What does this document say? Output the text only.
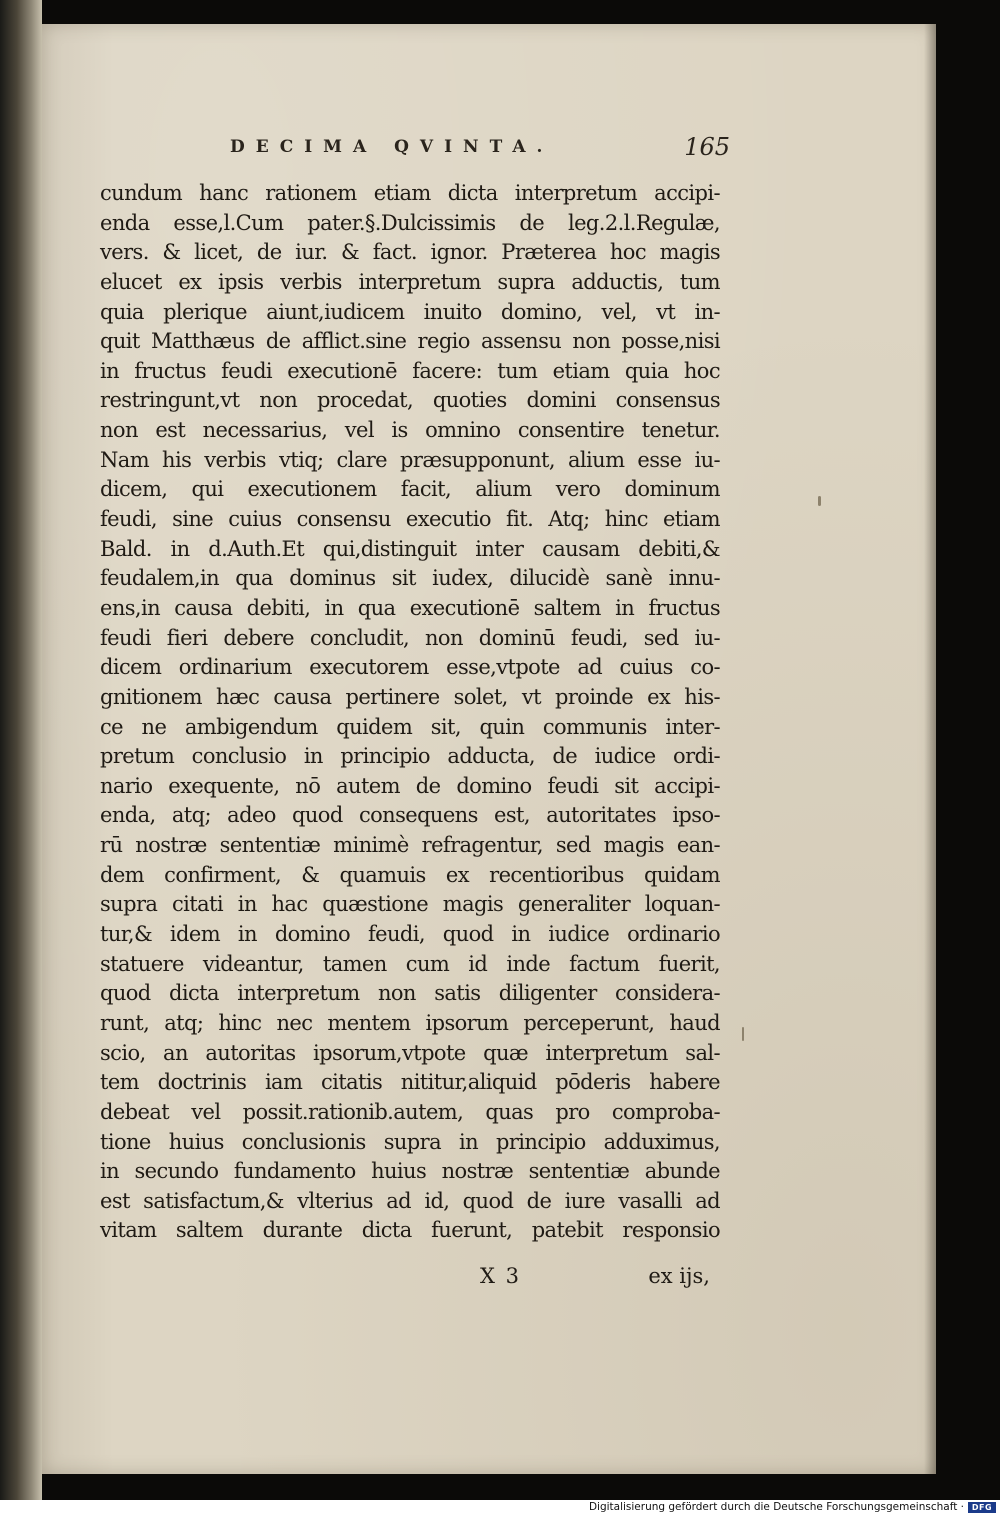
DECIMA QVINTA.	165
cundum hanc rationem etiam dicta interpretum accipi-
enda esse,l.Cum pater.§.Dulcissimis de leg.2.l.Regulæ,
vers. & licet, de iur. & fact. ignor. Præterea hoc magis
elucet ex ipsis verbis interpretum supra adductis, tum
quia plerique aiunt,iudicem inuito domino, vel, vt in-
quit Matthæus de afflict.sine regio assensu non posse,nisi
in fructus feudi executionē facere: tum etiam quia hoc
restringunt,vt non procedat, quoties domini consensus
non est necessarius, vel is omnino consentire tenetur.
Nam his verbis vtiq; clare præsupponunt, alium esse iu-
dicem, qui executionem facit, alium vero dominum
feudi, sine cuius consensu executio fit. Atq; hinc etiam
Bald. in d.Auth.Et qui,distinguit inter causam debiti,&
feudalem,in qua dominus sit iudex, dilucidè sanè innu-
ens,in causa debiti, in qua executionē saltem in fructus
feudi fieri debere concludit, non dominū feudi, sed iu-
dicem ordinarium executorem esse,vtpote ad cuius co-
gnitionem hæc causa pertinere solet, vt proinde ex his-
ce ne ambigendum quidem sit, quin communis inter-
pretum conclusio in principio adducta, de iudice ordi-
nario exequente, nō autem de domino feudi sit accipi-
enda, atq; adeo quod consequens est, autoritates ipso-
rū nostræ sententiæ minimè refragentur, sed magis ean-
dem confirment, & quamuis ex recentioribus quidam
supra citati in hac quæstione magis generaliter loquan-
tur,& idem in domino feudi, quod in iudice ordinario
statuere videantur, tamen cum id inde factum fuerit,
quod dicta interpretum non satis diligenter considera-
runt, atq; hinc nec mentem ipsorum perceperunt, haud
scio, an autoritas ipsorum,vtpote quæ interpretum sal-
tem doctrinis iam citatis nititur,aliquid pōderis habere
debeat vel possit.rationib.autem, quas pro comproba-
tione huius conclusionis supra in principio adduximus,
in secundo fundamento huius nostræ sententiæ abunde
est satisfactum,& vlterius ad id, quod de iure vasalli ad
vitam saltem durante dicta fuerunt, patebit responsio
X 3	ex ijs,
Digitalisierung gefördert durch die Deutsche Forschungsgemeinschaft · DFG
